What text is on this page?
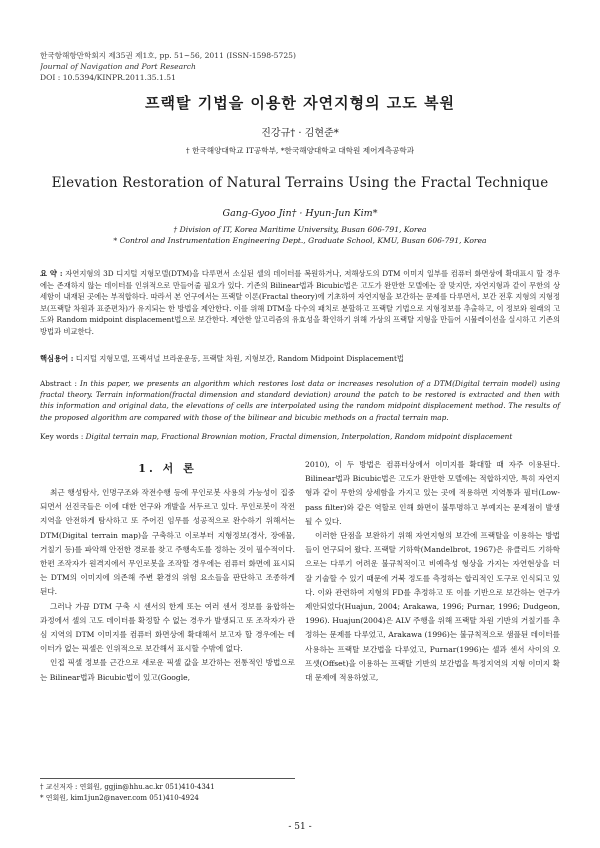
한국항해항만학회지 제35권 제1호, pp. 51~56, 2011 (ISSN-1598-5725)
Journal of Navigation and Port Research
DOI : 10.5394/KINPR.2011.35.1.51
프랙탈 기법을 이용한 자연지형의 고도 복원
진강규† · 김현준*
† 한국해양대학교 IT공학부, *한국해양대학교 대학원 제어계측공학과
Elevation Restoration of Natural Terrains Using the Fractal Technique
Gang-Gyoo Jin† · Hyun-Jun Kim*
† Division of IT, Korea Maritime University, Busan 606-791, Korea
* Control and Instrumentation Engineering Dept., Graduate School, KMU, Busan 606-791, Korea
요 약 : 자연지형의 3D 디지털 지형모델(DTM)을 다루면서 소실된 셀의 데이터를 복원하거나, 저해상도의 DTM 이미지 일부를 컴퓨터 화면상에 확대표시 할 경우에는 존재하지 않는 데이터를 인위적으로 만들어줄 필요가 있다. 기존의 Bilinear법과 Bicubic법은 고도가 완만한 모델에는 잘 맞지만, 자연지형과 같이 무한의 상세함이 내재된 곳에는 부적합하다. 따라서 본 연구에서는 프랙탈 이론(Fractal theory)에 기초하여 자연지형을 보간하는 문제를 다루면서, 보간 전후 지형의 지형정보(프랙탈 차원과 표준편차)가 유지되는 한 방법을 제안한다. 이를 위해 DTM을 다수의 패치로 분할하고 프랙탈 기법으로 지형정보를 추출하고, 이 정보와 원래의 고도와 Random midpoint displacement법으로 보간한다. 제안한 알고리즘의 유효성을 확인하기 위해 가상의 프랙탈 지형을 만들어 시뮬레이션을 실시하고 기존의 방법과 비교한다.
핵심용어 : 디지털 지형모델, 프랙셔널 브라운운동, 프랙탈 차원, 지형보간, Random Midpoint Displacement법
Abstract : In this paper, we presents an algorithm which restores lost data or increases resolution of a DTM(Digital terrain model) using fractal theory. Terrain information(fractal dimension and standard deviation) around the patch to be restored is extracted and then with this information and original data, the elevations of cells are interpolated using the random midpoint displacement method. The results of the proposed algorithm are compared with those of the bilinear and bicubic methods on a fractal terrain map.
Key words : Digital terrain map, Fractional Brownian motion, Fractal dimension, Interpolation, Random midpoint displacement
1. 서 론

최근 행성탐사, 인명구조와 작전수행 등에 무인로봇 사용의 가능성이 집중되면서 선진국들은 이에 대한 연구와 개발을 서두르고 있다. 무인로봇이 작전 지역을 안전하게 탐사하고 또 주어진 임무를 성공적으로 완수하기 위해서는 DTM(Digital terrain map)을 구축하고 이로부터 지형정보(경사, 장애물, 거칠기 등)를 파악해 안전한 경로를 찾고 주행속도를 정하는 것이 필수적이다. 한편 조작자가 원격지에서 무인로봇을 조작할 경우에는 컴퓨터 화면에 표시되는 DTM의 이미지에 의존해 주변 환경의 위험 요소들을 판단하고 조종하게 된다.

그러나 가끔 DTM 구축 시 센서의 한계 또는 여러 센서 정보를 융합하는 과정에서 셀의 고도 데이터를 확정할 수 없는 경우가 발생되고 또 조작자가 관심 지역의 DTM 이미지를 컴퓨터 화면상에 확대해서 보고자 할 경우에는 데이터가 없는 픽셀은 인위적으로 보간해서 표시할 수밖에 없다.

인접 픽셀 정보를 근간으로 새로운 픽셀 값을 보간하는 전통적인 방법으로는 Bilinear법과 Bicubic법이 있고(Google,

2010), 이 두 방법은 컴퓨터상에서 이미지를 확대할 때 자주 이용된다. Bilinear법과 Bicubic법은 고도가 완만한 모델에는 적합하지만, 특히 자연지형과 같이 무한의 상세함을 가지고 있는 곳에 적용하면 지역통과 필터(Low-pass filter)와 같은 역할로 인해 화면이 불투명하고 부예지는 문제점이 발생될 수 있다.

이러한 단점을 보완하기 위해 자연지형의 보간에 프랙탈을 이용하는 방법들이 연구되어 왔다. 프랙탈 기하학(Mandelbrot, 1967)은 유클리드 기하학으로는 다루기 어려운 불규칙적이고 비예측성 형상을 가지는 자연현상을 더 잘 기술할 수 있기 때문에 거북 정도를 측정하는 합리적인 도구로 인식되고 있다. 이와 관련하여 지형의 FD를 추정하고 또 이를 기반으로 보간하는 연구가 제안되었다(Huajun, 2004; Arakawa, 1996; Purnar, 1996; Dudgeon, 1996). Huajun(2004)은 ALV 주행을 위해 프랙탈 차원 기반의 거칠기를 추정하는 문제를 다루었고, Arakawa (1996)는 불규칙적으로 샘플된 데이터를 사용하는 프랙탈 보간법을 다루었고, Purnar(1996)는 셀과 센서 사이의 오프셋(Offset)을 이용하는 프랙탈 기반의 보간법을 특정지역의 지형 이미지 확대 문제에 적용하였고,

† 교신저자 : 연회원, ggjin@hhu.ac.kr 051)410-4341
* 연회원, kim1jun2@naver.com 051)410-4924
- 51 -
